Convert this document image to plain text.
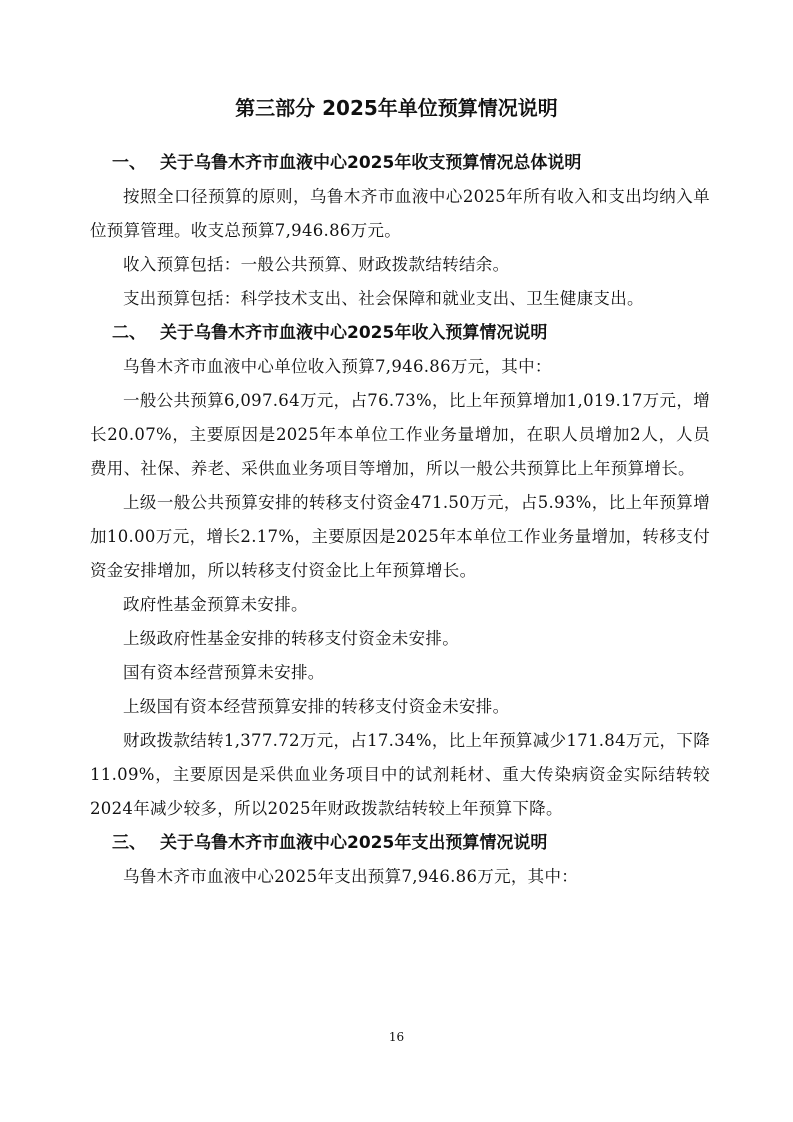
第三部分 2025年单位预算情况说明
一、 关于乌鲁木齐市血液中心2025年收支预算情况总体说明

按照全口径预算的原则，乌鲁木齐市血液中心2025年所有收入和支出均纳入单位预算管理。收支总预算7,946.86万元。

收入预算包括：一般公共预算、财政拨款结转结余。

支出预算包括：科学技术支出、社会保障和就业支出、卫生健康支出。

二、 关于乌鲁木齐市血液中心2025年收入预算情况说明

乌鲁木齐市血液中心单位收入预算7,946.86万元，其中：

一般公共预算6,097.64万元，占76.73%，比上年预算增加1,019.17万元，增长20.07%，主要原因是2025年本单位工作业务量增加，在职人员增加2人，人员费用、社保、养老、采供血业务项目等增加，所以一般公共预算比上年预算增长。

上级一般公共预算安排的转移支付资金471.50万元，占5.93%，比上年预算增加10.00万元，增长2.17%，主要原因是2025年本单位工作业务量增加，转移支付资金安排增加，所以转移支付资金比上年预算增长。

政府性基金预算未安排。

上级政府性基金安排的转移支付资金未安排。

国有资本经营预算未安排。

上级国有资本经营预算安排的转移支付资金未安排。

财政拨款结转1,377.72万元，占17.34%，比上年预算减少171.84万元，下降11.09%，主要原因是采供血业务项目中的试剂耗材、重大传染病资金实际结转较2024年减少较多，所以2025年财政拨款结转较上年预算下降。

三、 关于乌鲁木齐市血液中心2025年支出预算情况说明

乌鲁木齐市血液中心2025年支出预算7,946.86万元，其中：

16
